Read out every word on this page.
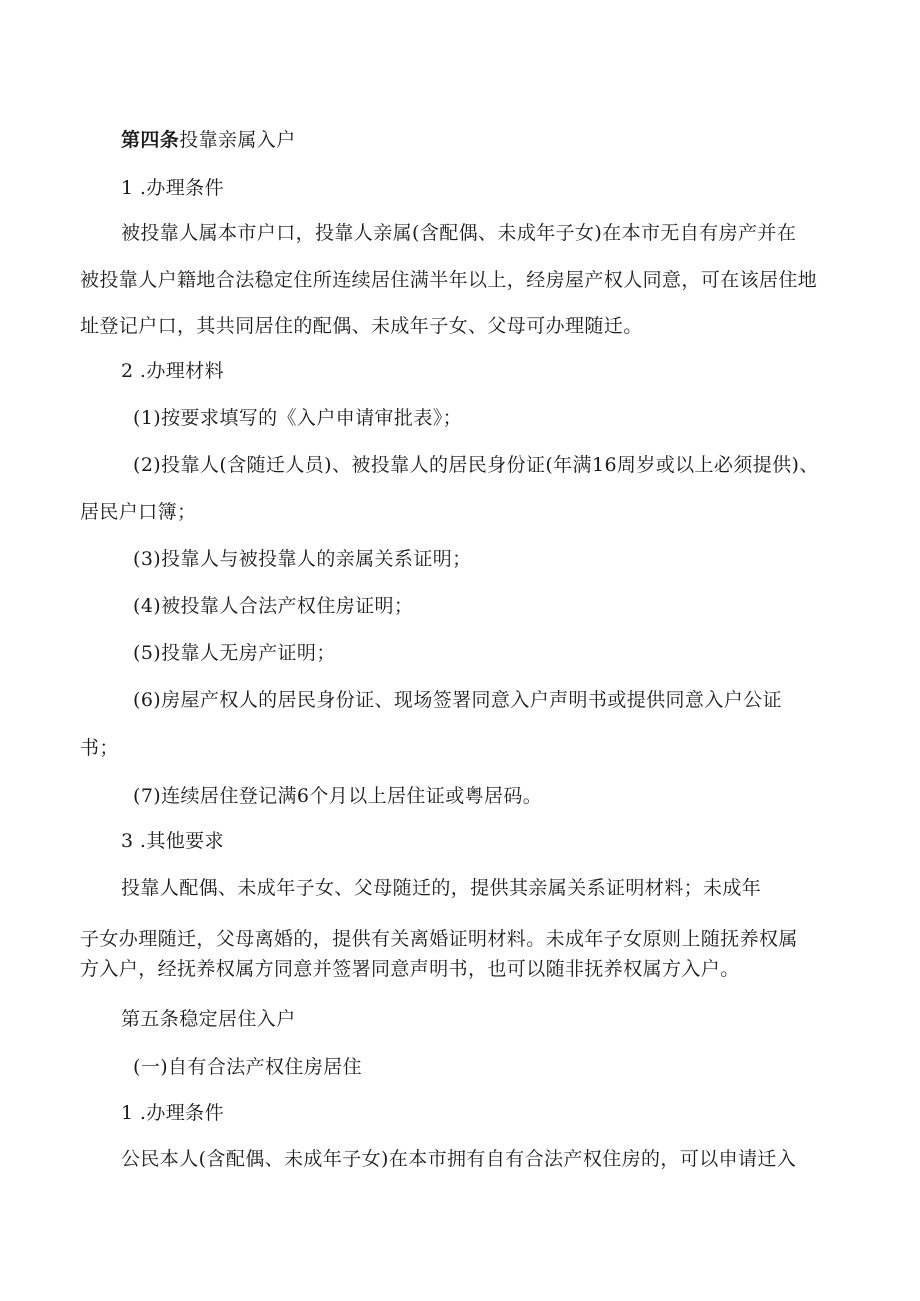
第四条投靠亲属入户
1 .办理条件
被投靠人属本市户口，投靠人亲属(含配偶、未成年子女)在本市无自有房产并在
被投靠人户籍地合法稳定住所连续居住满半年以上，经房屋产权人同意，可在该居住地
址登记户口，其共同居住的配偶、未成年子女、父母可办理随迁。
2 .办理材料
(1)按要求填写的《入户申请审批表》；
(2)投靠人(含随迁人员)、被投靠人的居民身份证(年满16周岁或以上必须提供)、
居民户口簿；
(3)投靠人与被投靠人的亲属关系证明；
(4)被投靠人合法产权住房证明；
(5)投靠人无房产证明；
(6)房屋产权人的居民身份证、现场签署同意入户声明书或提供同意入户公证
书；
(7)连续居住登记满6个月以上居住证或粤居码。
3 .其他要求
投靠人配偶、未成年子女、父母随迁的，提供其亲属关系证明材料；未成年
子女办理随迁，父母离婚的，提供有关离婚证明材料。未成年子女原则上随抚养权属
方入户，经抚养权属方同意并签署同意声明书，也可以随非抚养权属方入户。
第五条稳定居住入户
(一)自有合法产权住房居住
1 .办理条件
公民本人(含配偶、未成年子女)在本市拥有自有合法产权住房的，可以申请迁入
